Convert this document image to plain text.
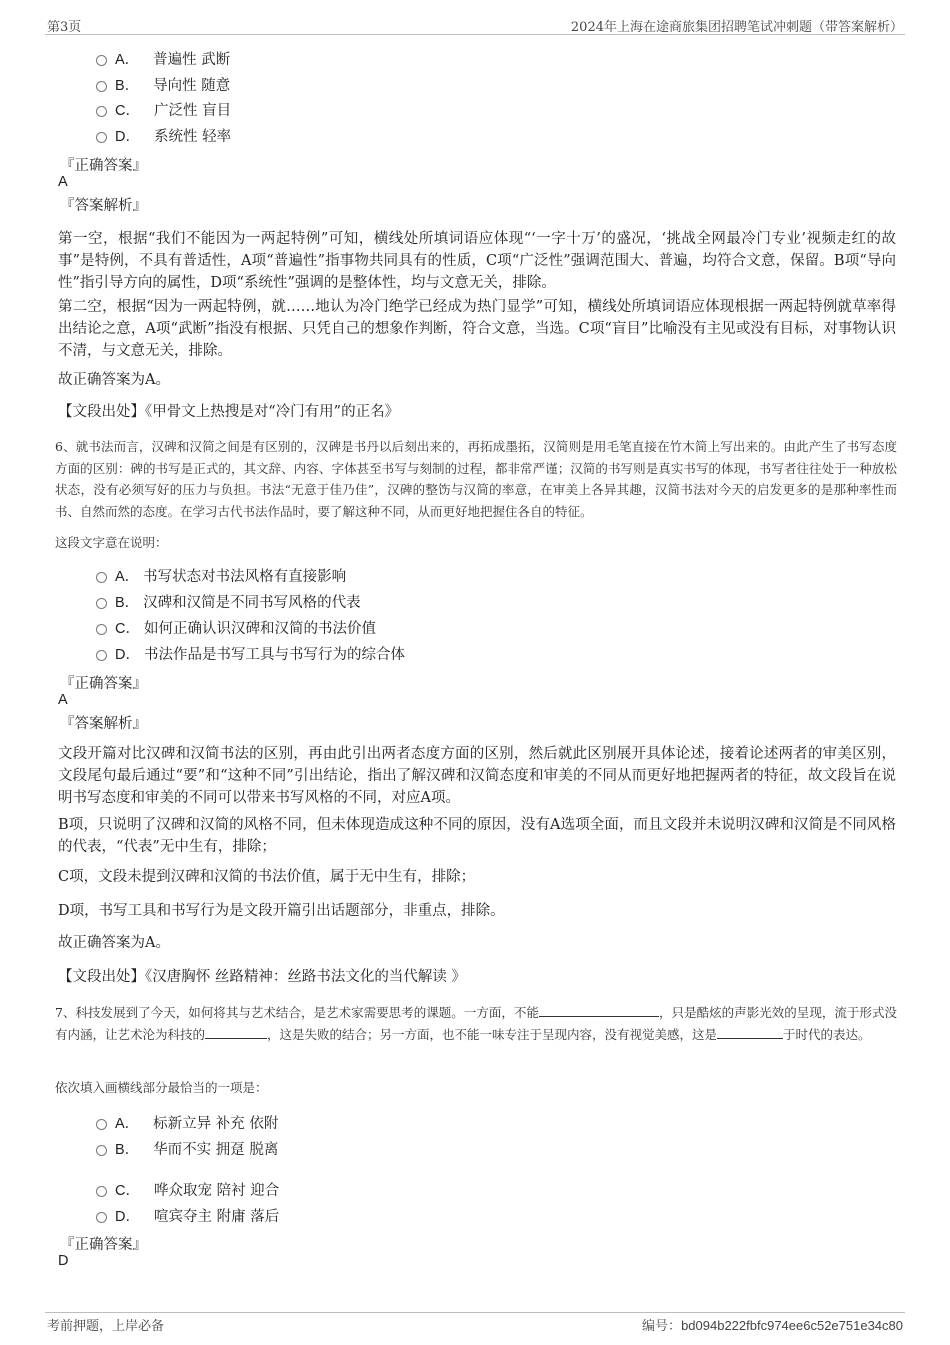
第3页	2024年上海在途商旅集团招聘笔试冲刺题（带答案解析）
A． 普遍性 武断
B． 导向性 随意
C． 广泛性 盲目
D． 系统性 轻率
『正确答案』
A
『答案解析』
第一空，根据“我们不能因为一两起特例”可知，横线处所填词语应体现“‘一字十万’的盛况，‘挑战全网最冷门专业’视频走红的故事”是特例，不具有普适性，A项“普遍性”指事物共同具有的性质，C项“广泛性”强调范围大、普遍，均符合文意，保留。B项“导向性”指引导方向的属性，D项“系统性”强调的是整体性，均与文意无关，排除。
第二空，根据“因为一两起特例，就……地认为冷门绝学已经成为热门显学”可知，横线处所填词语应体现根据一两起特例就草率得出结论之意，A项“武断”指没有根据、只凭自己的想象作判断，符合文意，当选。C项“盲目”比喻没有主见或没有目标，对事物认识不清，与文意无关，排除。
故正确答案为A。
【文段出处】《甲骨文上热搜是对“冷门有用”的正名》
6、就书法而言，汉碑和汉简之间是有区别的，汉碑是书丹以后刻出来的，再拓成墨拓，汉简则是用毛笔直接在竹木简上写出来的。由此产生了书写态度方面的区别：碑的书写是正式的，其文辞、内容、字体甚至书写与刻制的过程，都非常严谨；汉简的书写则是真实书写的体现，书写者往往处于一种放松状态，没有必须写好的压力与负担。书法“无意于佳乃佳”，汉碑的整饬与汉简的率意，在审美上各异其趣，汉简书法对今天的启发更多的是那种率性而书、自然而然的态度。在学习古代书法作品时，要了解这种不同，从而更好地把握住各自的特征。
这段文字意在说明：
A． 书写状态对书法风格有直接影响
B． 汉碑和汉简是不同书写风格的代表
C． 如何正确认识汉碑和汉简的书法价值
D． 书法作品是书写工具与书写行为的综合体
『正确答案』
A
『答案解析』
文段开篇对比汉碑和汉简书法的区别，再由此引出两者态度方面的区别，然后就此区别展开具体论述，接着论述两者的审美区别，文段尾句最后通过“要”和“这种不同”引出结论，指出了解汉碑和汉简态度和审美的不同从而更好地把握两者的特征，故文段旨在说明书写态度和审美的不同可以带来书写风格的不同，对应A项。
B项，只说明了汉碑和汉简的风格不同，但未体现造成这种不同的原因，没有A选项全面，而且文段并未说明汉碑和汉简是不同风格的代表，“代表”无中生有，排除；
C项，文段未提到汉碑和汉简的书法价值，属于无中生有，排除；
D项，书写工具和书写行为是文段开篇引出话题部分，非重点，排除。
故正确答案为A。
【文段出处】《汉唐胸怀 丝路精神：丝路书法文化的当代解读 》
7、科技发展到了今天，如何将其与艺术结合，是艺术家需要思考的课题。一方面，不能	，只是酷炫的声影光效的呈现，流于形式没有内涵，让艺术沦为科技的	，这是失败的结合；另一方面，也不能一味专注于呈现内容，没有视觉美感，这是	于时代的表达。
依次填入画横线部分最恰当的一项是：
A． 标新立异 补充 依附
B． 华而不实 拥趸 脱离
C． 哗众取宠 陪衬 迎合
D． 喧宾夺主 附庸 落后
『正确答案』
D
考前押题，上岸必备	编号：bd094b222fbfc974ee6c52e751e34c80
